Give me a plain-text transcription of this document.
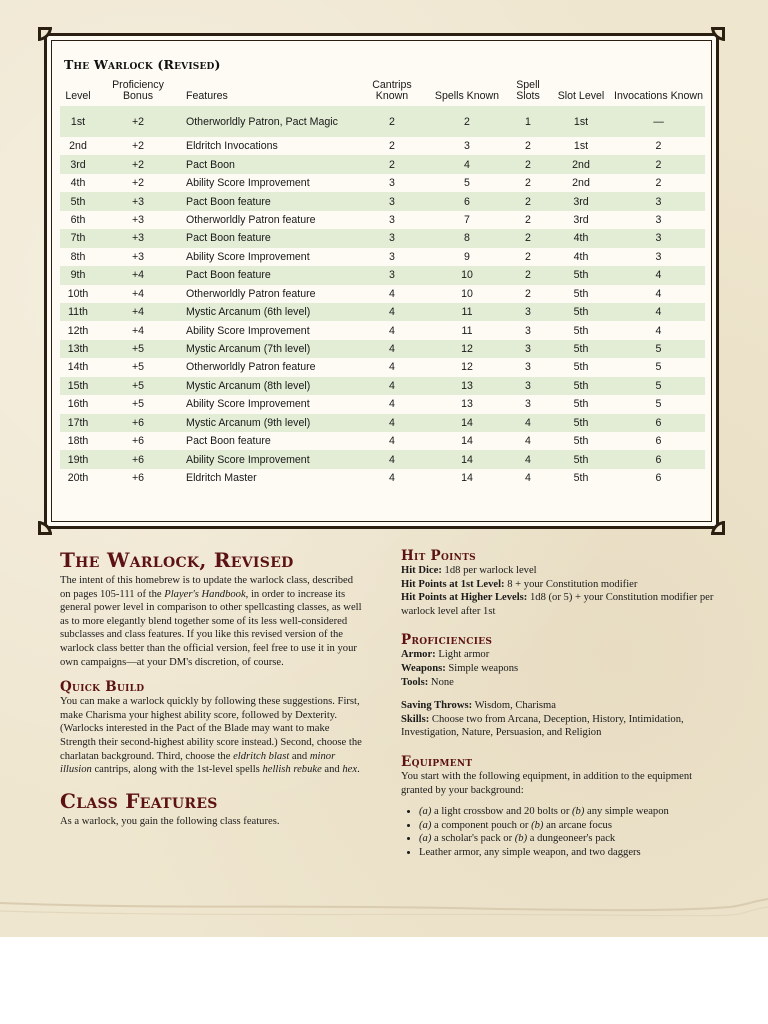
The Warlock (Revised)
Level	Proficiency Bonus	Features	Cantrips Known	Spells Known	Spell Slots	Slot Level	Invocations Known
1st	+2	Otherworldly Patron, Pact Magic	2	2	1	1st	—
2nd	+2	Eldritch Invocations	2	3	2	1st	2
3rd	+2	Pact Boon	2	4	2	2nd	2
4th	+2	Ability Score Improvement	3	5	2	2nd	2
5th	+3	Pact Boon feature	3	6	2	3rd	3
6th	+3	Otherworldly Patron feature	3	7	2	3rd	3
7th	+3	Pact Boon feature	3	8	2	4th	3
8th	+3	Ability Score Improvement	3	9	2	4th	3
9th	+4	Pact Boon feature	3	10	2	5th	4
10th	+4	Otherworldly Patron feature	4	10	2	5th	4
11th	+4	Mystic Arcanum (6th level)	4	11	3	5th	4
12th	+4	Ability Score Improvement	4	11	3	5th	4
13th	+5	Mystic Arcanum (7th level)	4	12	3	5th	5
14th	+5	Otherworldly Patron feature	4	12	3	5th	5
15th	+5	Mystic Arcanum (8th level)	4	13	3	5th	5
16th	+5	Ability Score Improvement	4	13	3	5th	5
17th	+6	Mystic Arcanum (9th level)	4	14	4	5th	6
18th	+6	Pact Boon feature	4	14	4	5th	6
19th	+6	Ability Score Improvement	4	14	4	5th	6
20th	+6	Eldritch Master	4	14	4	5th	6
The Warlock, Revised

The intent of this homebrew is to update the warlock class, described on pages 105-111 of the Player's Handbook, in order to increase its general power level in comparison to other spellcasting classes, as well as to more elegantly blend together some of its less well-considered subclasses and class features. If you like this revised version of the warlock class better than the official version, feel free to use it in your own campaigns—at your DM's discretion, of course.

Quick Build

You can make a warlock quickly by following these suggestions. First, make Charisma your highest ability score, followed by Dexterity. (Warlocks interested in the Pact of the Blade may want to make Strength their second-highest ability score instead.) Second, choose the charlatan background. Third, choose the eldritch blast and minor illusion cantrips, along with the 1st-level spells hellish rebuke and hex.

Class Features

As a warlock, you gain the following class features.

Hit Points

Hit Dice: 1d8 per warlock level

Hit Points at 1st Level: 8 + your Constitution modifier

Hit Points at Higher Levels: 1d8 (or 5) + your Constitution modifier per warlock level after 1st

Proficiencies

Armor: Light armor

Weapons: Simple weapons

Tools: None

Saving Throws: Wisdom, Charisma

Skills: Choose two from Arcana, Deception, History, Intimidation, Investigation, Nature, Persuasion, and Religion

Equipment

You start with the following equipment, in addition to the equipment granted by your background:

• (a) a light crossbow and 20 bolts or (b) any simple weapon
• (a) a component pouch or (b) an arcane focus
• (a) a scholar's pack or (b) a dungeoneer's pack
• Leather armor, any simple weapon, and two daggers
